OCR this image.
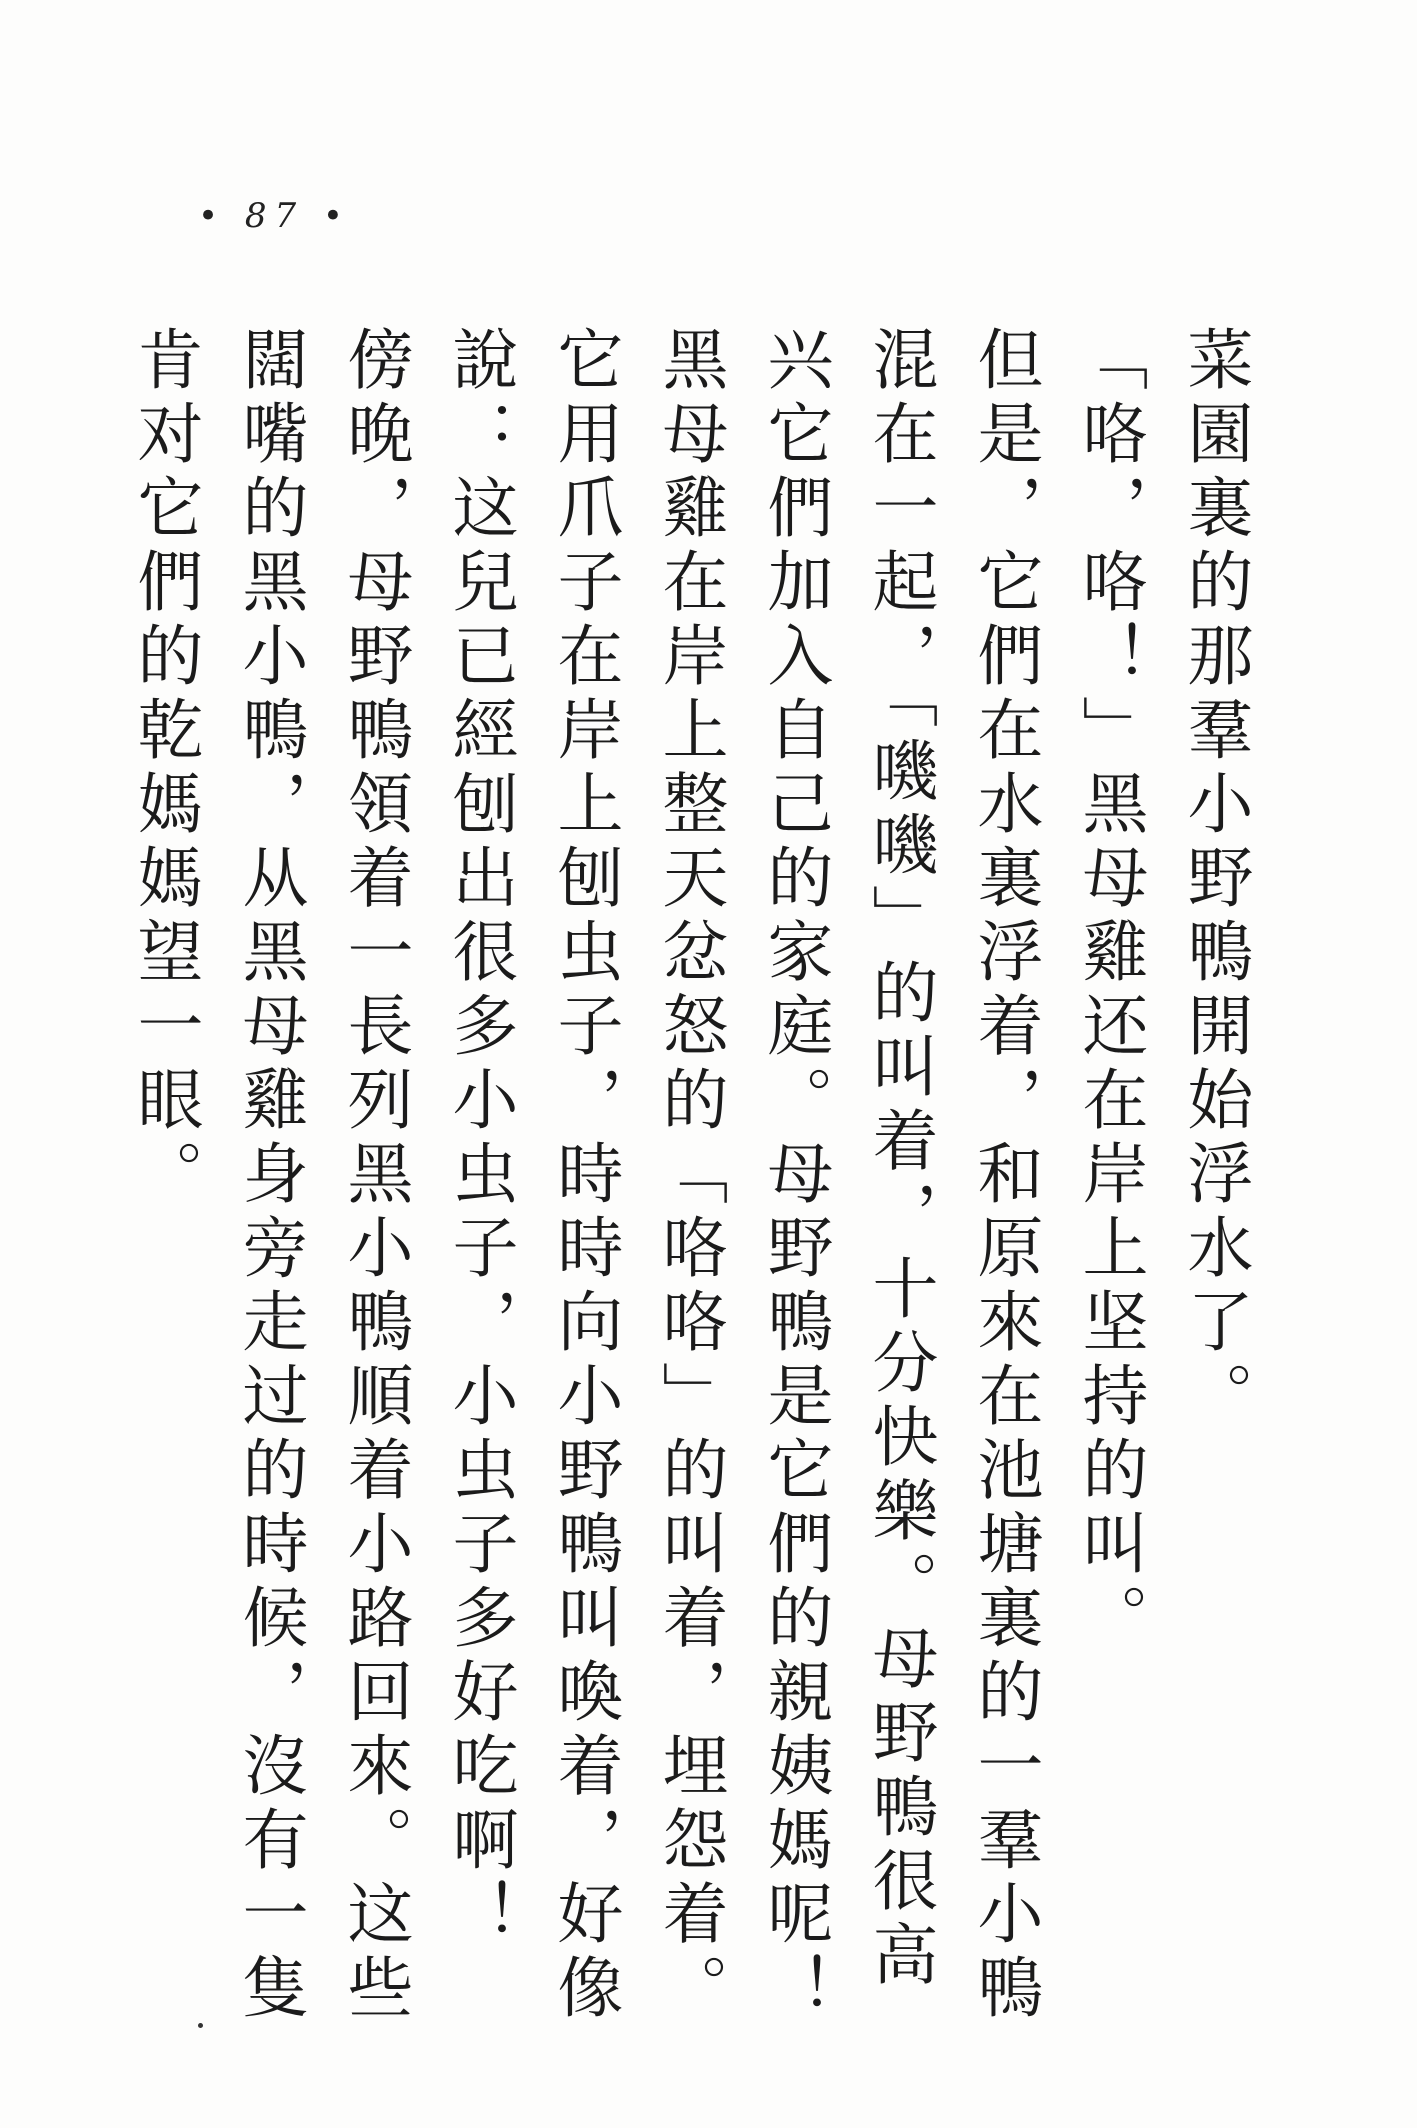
• 87 •

菜園裏的那羣小野鴨開始浮水了。

「咯，咯！」黑母雞还在岸上坚持的叫。

但是，它們在水裏浮着，和原來在池塘裏的一羣小鴨混在一起，「嘰嘰」的叫着，十分快樂。母野鴨很高兴它們加入自己的家庭。母野鴨是它們的親姨媽呢！

黑母雞在岸上整天忿怒的「咯咯」的叫着，埋怨着。它用爪子在岸上刨虫子，時時向小野鴨叫喚着，好像說：这兒已經刨出很多小虫子，小虫子多好吃啊！

傍晚，母野鴨領着一長列黑小鴨順着小路回來。这些闊嘴的黑小鴨，从黑母雞身旁走过的時候，沒有一隻肯对它們的乾媽媽望一眼。
